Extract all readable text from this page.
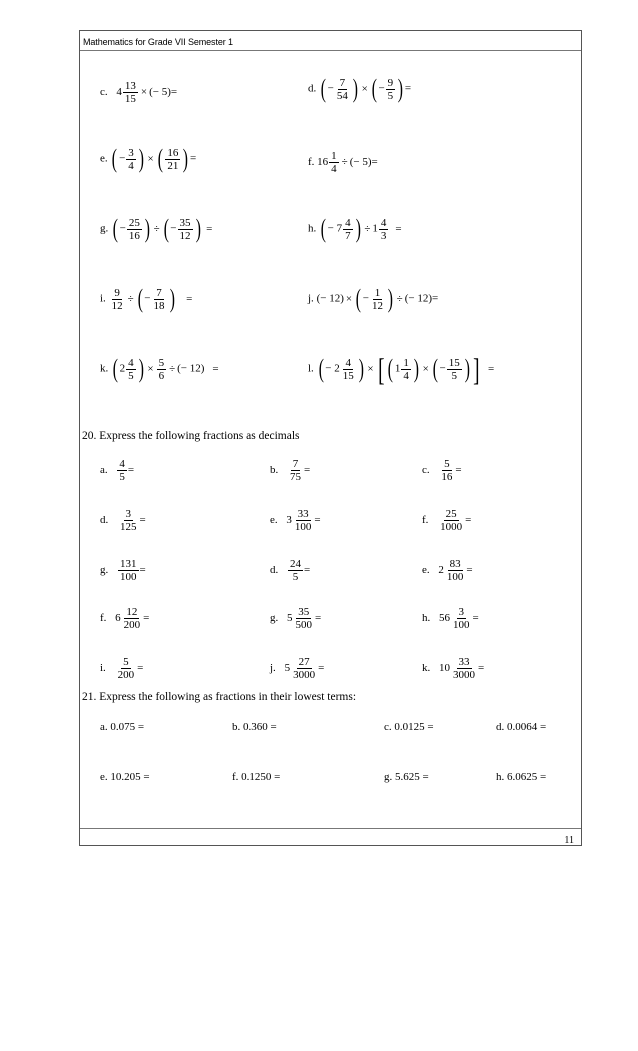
Mathematics for Grade VII Semester 1
11
c. $4 \frac{13}{15}$ × (− 5)=	d. ( − $\frac{7}{54}$ ) × ( − $\frac{9}{5}$ ) =
e. ( − $\frac{3}{4}$ ) × ( $\frac{16}{21}$ ) =	f. $16 \frac{1}{4}$ ÷ (− 5)=
g. ( − $\frac{25}{16}$ ) ÷ ( − $\frac{35}{12}$ ) =	h. ( − $7 \frac{4}{7}$ ) ÷ $1 \frac{4}{3}$ =
i. $\frac{9}{12}$ ÷ ( − $\frac{7}{18}$ ) =	j. (− 12) × ( − $\frac{1}{12}$ ) ÷ (− 12)=
k. ( $2 \frac{4}{5}$ ) × $\frac{5}{6}$ ÷ (− 12) =	l. ( − $2 \frac{4}{15}$ ) × [ ( $1 \frac{1}{4}$ ) × ( − $\frac{15}{5}$ ) ] =
20. Express the following fractions as decimals
a. $\frac{4}{5}$ =	b. $\frac{7}{75}$ =	c. $\frac{5}{16}$ =
d. $\frac{3}{125}$ =	e. $3 \frac{33}{100}$ =	f. $\frac{25}{1000}$ =
g. $\frac{131}{100}$ =	d. $\frac{24}{5}$ =	e. $2 \frac{83}{100}$ =
f. $6 \frac{12}{200}$ =	g. $5 \frac{35}{500}$ =	h. $56 \frac{3}{100}$ =
i. $\frac{5}{200}$ =	j. $5 \frac{27}{3000}$ =	k. $10 \frac{33}{3000}$ =
21. Express the following as fractions in their lowest terms:
a. 0.075 =	b. 0.360 =	c. 0.0125 =	d. 0.0064 =
e. 10.205 =	f. 0.1250 =	g. 5.625 =	h. 6.0625 =
